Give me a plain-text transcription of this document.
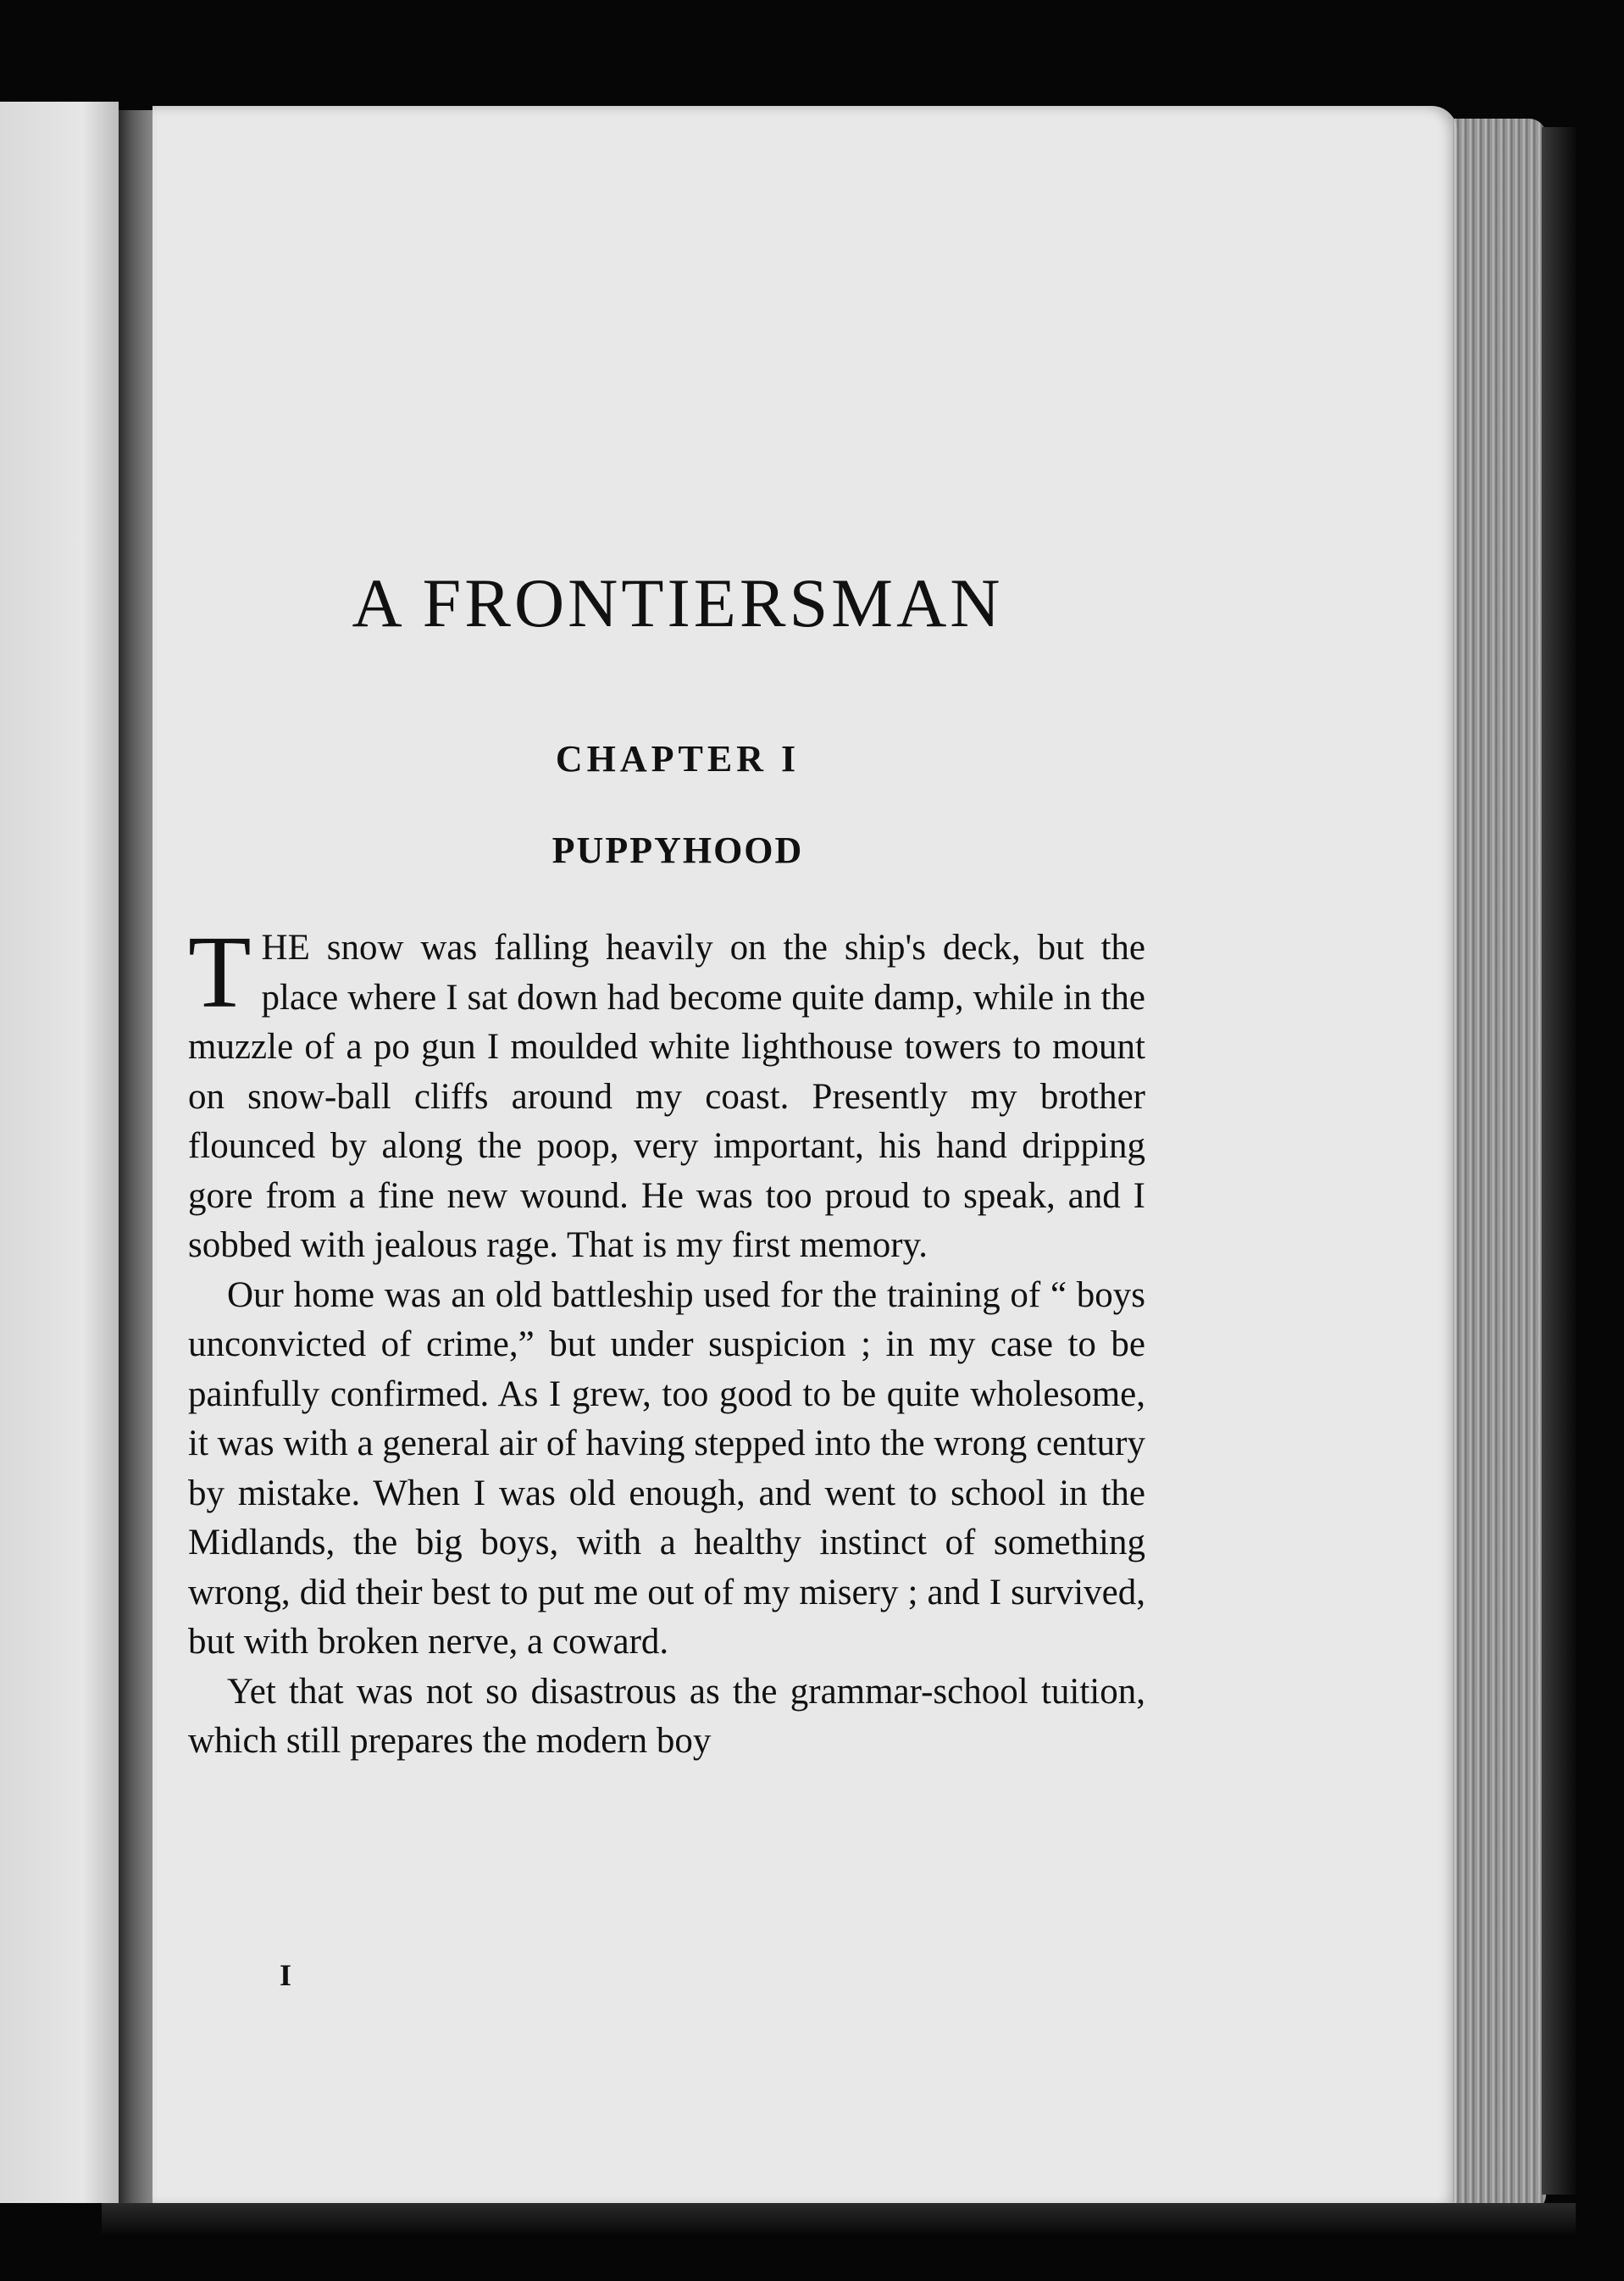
A FRONTIERSMAN
CHAPTER I
PUPPYHOOD

THE snow was falling heavily on the ship's deck, but the place where I sat down had become quite damp, while in the muzzle of a po gun I moulded white lighthouse towers to mount on snow-ball cliffs around my coast. Presently my brother flounced by along the poop, very important, his hand dripping gore from a fine new wound. He was too proud to speak, and I sobbed with jealous rage. That is my first memory.

Our home was an old battleship used for the training of “ boys unconvicted of crime,” but under suspicion ; in my case to be painfully confirmed. As I grew, too good to be quite wholesome, it was with a general air of having stepped into the wrong century by mistake. When I was old enough, and went to school in the Midlands, the big boys, with a healthy instinct of something wrong, did their best to put me out of my misery ; and I survived, but with broken nerve, a coward.

Yet that was not so disastrous as the grammar-school tuition, which still prepares the modern boy

I
